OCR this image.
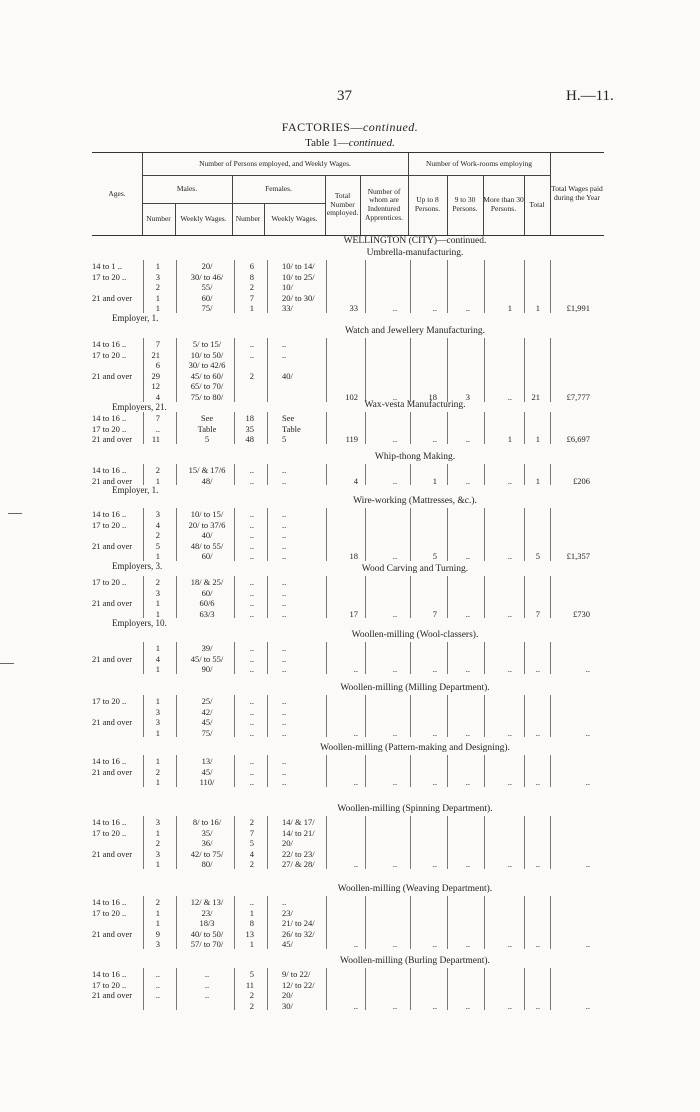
37	H.—11.
FACTORIES—continued.
Table 1—continued.
Ages.
Number of Persons employed, and Weekly Wages.
Males.	Females.
Number	Weekly Wages.	Number	Weekly Wages.
Total Number employed.
Number of whom are Indentured Apprentices.
Number of Work-rooms employing
Up to 8 Persons.
9 to 30 Persons.
More than 30 Persons.	Total
Total Wages paid during the Year
WELLINGTON (CITY)—continued.
Umbrella-manufacturing.
14 to 1 ..	1	20/	6	10/ to 14/
17 to 20 ..	3	30/ to 46/	8	10/ to 25/
2	55/	2	10/
21 and over	1	60/	7	20/ to 30/
1	75/	1	33/	33	..	..	..	1	1	£1,991
Employer, 1.
Watch and Jewellery Manufacturing.
14 to 16 ..	7	5/ to 15/	..	..
17 to 20 ..	21	10/ to 50/	..	..
6	30/ to 42/6
21 and over	29	45/ to 60/	2	40/
12	65/ to 70/
4	75/ to 80/	102	..	18	3	..	21	£7,777
Employers, 21.	Wax-vesta Manufacturing.
14 to 16 ..	7	See	18	See
17 to 20 ..	..	Table	35	Table
21 and over	11	5	48	5	119	..	..	..	1	1	£6,697
Whip-thong Making.
14 to 16 ..	2	15/ & 17/6	..	..
21 and over	1	48/	..	..	4	..	1	..	..	1	£206
Employer, 1.
Wire-working (Mattresses, &c.).
14 to 16 ..	3	10/ to 15/	..	..
17 to 20 ..	4	20/ to 37/6	..	..
2	40/	..	..
21 and over	5	48/ to 55/	..	..
1	60/	..	..	18	..	5	..	..	5	£1,357
Employers, 3.	Wood Carving and Turning.
17 to 20 ..	2	18/ & 25/	..	..
3	60/	..	..
21 and over	1	60/6	..	..
1	63/3	..	..	17	..	7	..	..	7	£730
Employers, 10.
Woollen-milling (Wool-classers).
1	39/	..	..
21 and over	4	45/ to 55/	..	..
1	90/	..	..	..	..	..	..	..	..	..
Woollen-milling (Milling Department).
17 to 20 ..	1	25/	..	..
3	42/	..	..
21 and over	3	45/	..	..
1	75/	..	..	..	..	..	..	..	..	..
Woollen-milling (Pattern-making and Designing).
14 to 16 ..	1	13/	..	..
21 and over	2	45/	..	..
1	110/	..	..	..	..	..	..	..	..	..
Woollen-milling (Spinning Department).
14 to 16 ..	3	8/ to 16/	2	14/ & 17/
17 to 20 ..	1	35/	7	14/ to 21/
2	36/	5	20/
21 and over	3	42/ to 75/	4	22/ to 23/
1	80/	2	27/ & 28/	..	..	..	..	..	..	..
Woollen-milling (Weaving Department).
14 to 16 ..	2	12/ & 13/	..	..
17 to 20 ..	1	23/	1	23/
1	18/3	8	21/ to 24/
21 and over	9	40/ to 50/	13	26/ to 32/
3	57/ to 70/	1	45/	..	..	..	..	..	..	..
Woollen-milling (Burling Department).
14 to 16 ..	..	..	5	9/ to 22/
17 to 20 ..	..	..	11	12/ to 22/
21 and over	..	..	2	20/
2	30/	..	..	..	..	..	..	..
